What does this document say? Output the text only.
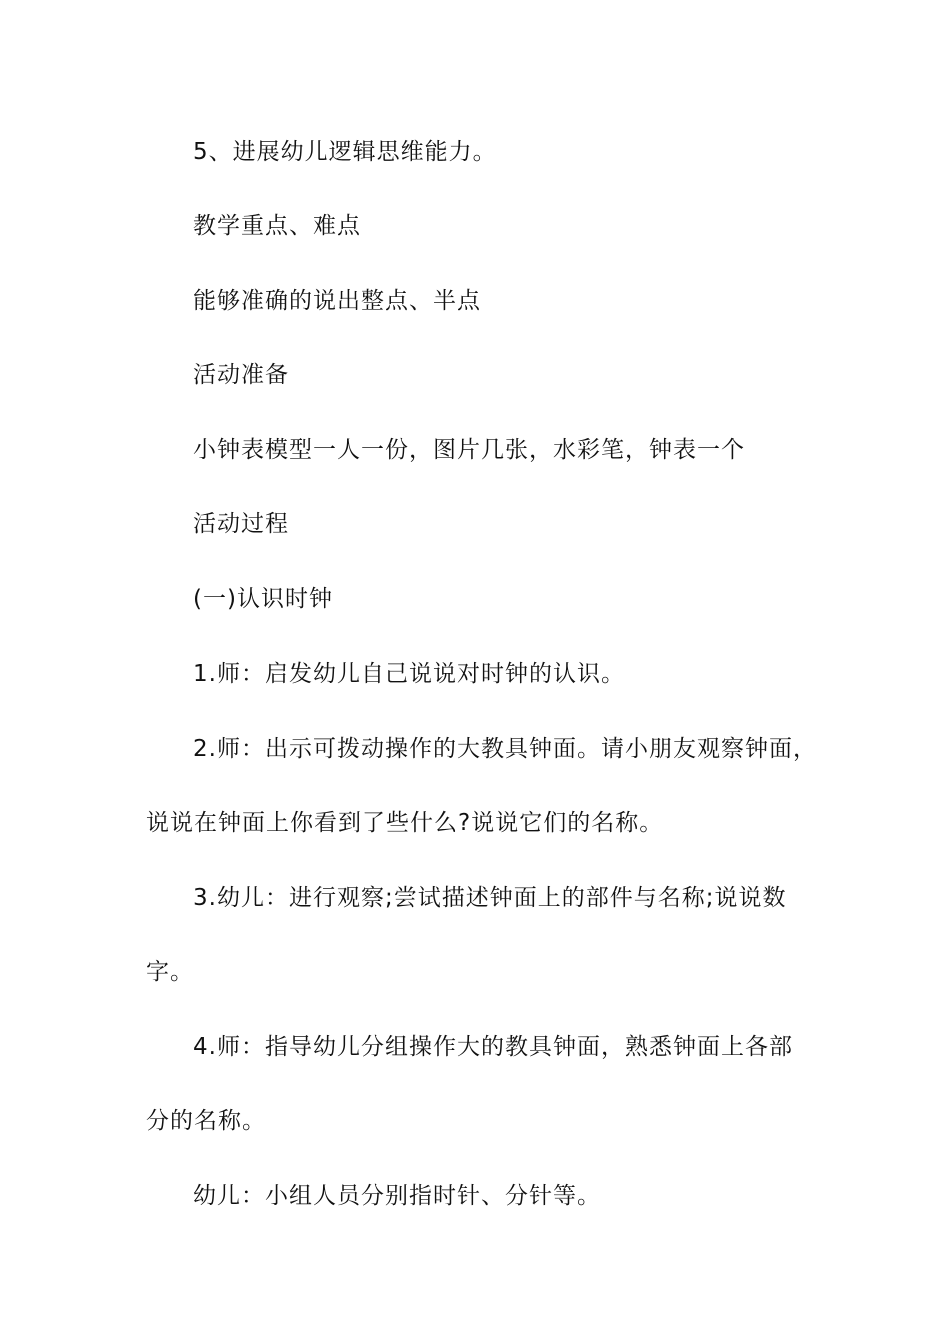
5、进展幼儿逻辑思维能力。
教学重点、难点
能够准确的说出整点、半点
活动准备
小钟表模型一人一份，图片几张，水彩笔，钟表一个
活动过程
(一)认识时钟
1.师：启发幼儿自己说说对时钟的认识。
2.师：出示可拨动操作的大教具钟面。请小朋友观察钟面，
说说在钟面上你看到了些什么?说说它们的名称。
3.幼儿：进行观察;尝试描述钟面上的部件与名称;说说数
字。
4.师：指导幼儿分组操作大的教具钟面，熟悉钟面上各部
分的名称。
幼儿：小组人员分别指时针、分针等。
